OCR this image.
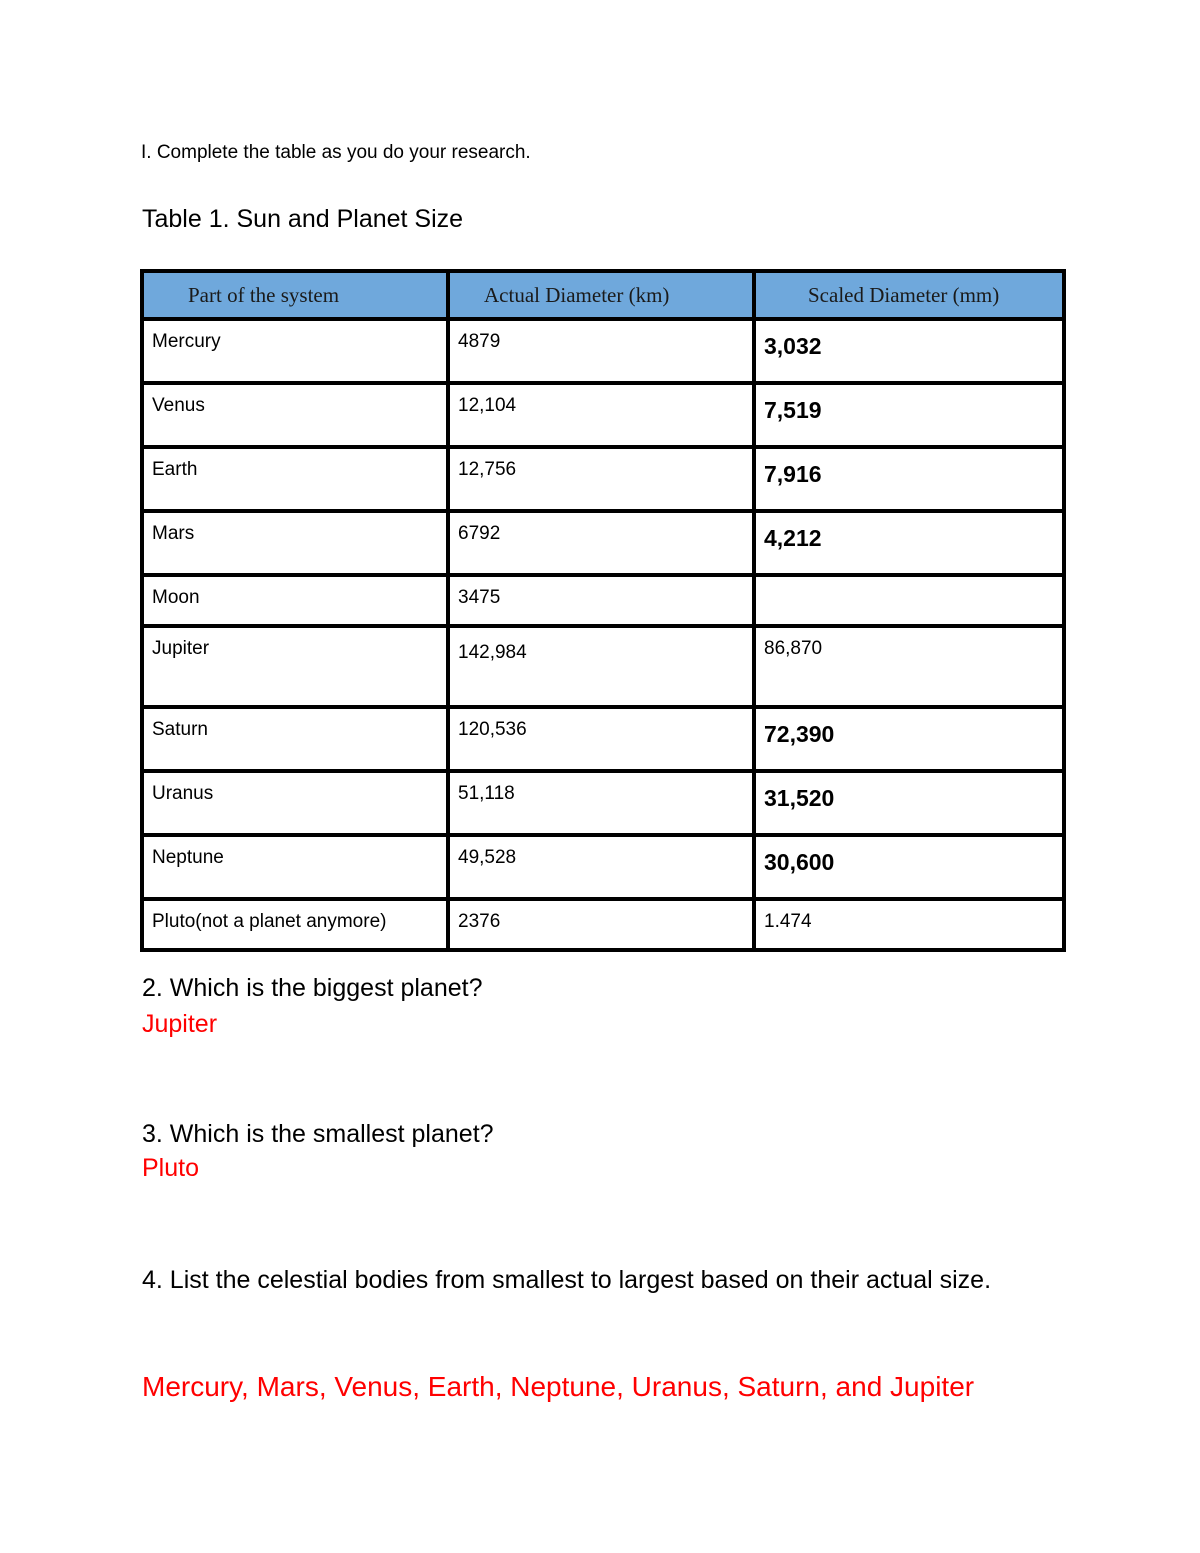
I. Complete the table as you do your research.

Table 1. Sun and Planet Size

Part of the system	Actual Diameter (km)	Scaled Diameter (mm)
Mercury	4879	3,032
Venus	12,104	7,519
Earth	12,756	7,916
Mars	6792	4,212
Moon	3475	
Jupiter	142,984	86,870
Saturn	120,536	72,390
Uranus	51,118	31,520
Neptune	49,528	30,600
Pluto(not a planet anymore)	2376	1.474

2. Which is the biggest planet?

Jupiter

3. Which is the smallest planet?

Pluto

4. List the celestial bodies from smallest to largest based on their actual size.

Mercury, Mars, Venus, Earth, Neptune, Uranus, Saturn, and Jupiter
